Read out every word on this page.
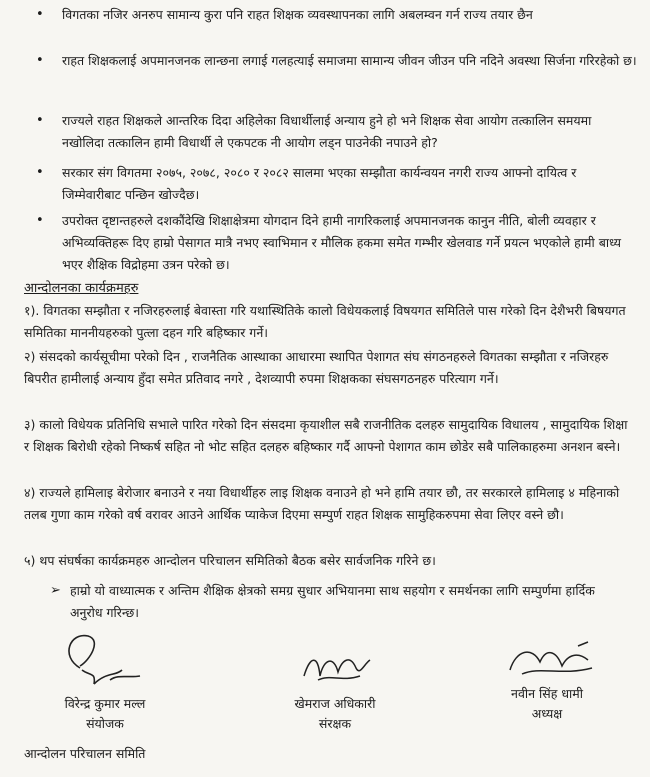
• विगतका नजिर अनरुप सामान्य कुरा पनि राहत शिक्षक व्यवस्थापनका लागि अबलम्वन गर्न राज्य तयार छैन
• राहत शिक्षकलाई अपमानजनक लान्छना लगाई गलहत्याई समाजमा सामान्य जीवन जीउन पनि नदिने अवस्था सिर्जना गरिरहेको छ।
• राज्यले राहत शिक्षकले आन्तरिक दिदा अहिलेका विधार्थीलाई अन्याय हुने हो भने शिक्षक सेवा आयोग तत्कालिन समयमा नखोलिदा तत्कालिन हामी विधार्थी ले एकपटक नी आयोग लड्न पाउनेकी नपाउने हो?
• सरकार संग विगतमा २०७५, २०७८, २०८० र २०८२ सालमा भएका सम्झौता कार्यन्वयन नगरी राज्य आफ्नो दायित्व र जिम्मेवारीबाट पन्छिन खोज्दैछ।
• उपरोक्त दृष्टान्तहरुले दशकौंदेखि शिक्षाक्षेत्रमा योगदान दिने हामी नागरिकलाई अपमानजनक कानुन नीति, बोली व्यवहार र अभिव्यक्तिहरू दिए हाम्रो पेसागत मात्रै नभए स्वाभिमान र मौलिक हकमा समेत गम्भीर खेलवाड गर्ने प्रयत्न भएकोले हामी बाध्य भएर शैक्षिक विद्रोहमा उत्रन परेको छ।
आन्दोलनका कार्यक्रमहरु
१). विगतका सम्झौता र नजिरहरुलाई बेवास्ता गरि यथास्थितिके कालो विधेयकलाई विषयगत समितिले पास गरेको दिन देशैभरी बिषयगत समितिका माननीयहरुको पुत्ला दहन गरि बहिष्कार गर्ने।
२) संसदको कार्यसूचीमा परेको दिन , राजनैतिक आस्थाका आधारमा स्थापित पेशागत संघ संगठनहरुले विगतका सम्झौता र नजिरहरु बिपरीत हामीलाई अन्याय हुँदा समेत प्रतिवाद नगरे , देशव्यापी रुपमा शिक्षकका संघसगठनहरु परित्याग गर्ने।
३) कालो विधेयक प्रतिनिधि सभाले पारित गरेको दिन संसदमा कृयाशील सबै राजनीतिक दलहरु सामुदायिक विधालय , सामुदायिक शिक्षा र शिक्षक बिरोधी रहेको निष्कर्ष सहित नो भोट सहित दलहरु बहिष्कार गर्दै आफ्नो पेशागत काम छोडेर सबै पालिकाहरुमा अनशन बस्ने।
४) राज्यले हामिलाइ बेरोजार बनाउने र नया विधार्थीहरु लाइ शिक्षक वनाउने हो भने हामि तयार छौ, तर सरकारले हामिलाइ ४ महिनाको तलब गुणा काम गरेको वर्ष वरावर आउने आर्थिक प्याकेज दिएमा सम्पुर्ण राहत शिक्षक सामुहिकरुपमा सेवा लिएर वस्ने छौ।
५) थप संघर्षका कार्यक्रमहरु आन्दोलन परिचालन समितिको बैठक बसेर सार्वजनिक गरिने छ।
➢ हाम्रो यो वाध्यात्मक र अन्तिम शैक्षिक क्षेत्रको समग्र सुधार अभियानमा साथ सहयोग र समर्थनका लागि सम्पुर्णमा हार्दिक अनुरोध गरिन्छ।
विरेन्द्र कुमार मल्ल
संयोजक
खेमराज अधिकारी
संरक्षक
नवीन सिंह धामी
अध्यक्ष
आन्दोलन परिचालन समिति
